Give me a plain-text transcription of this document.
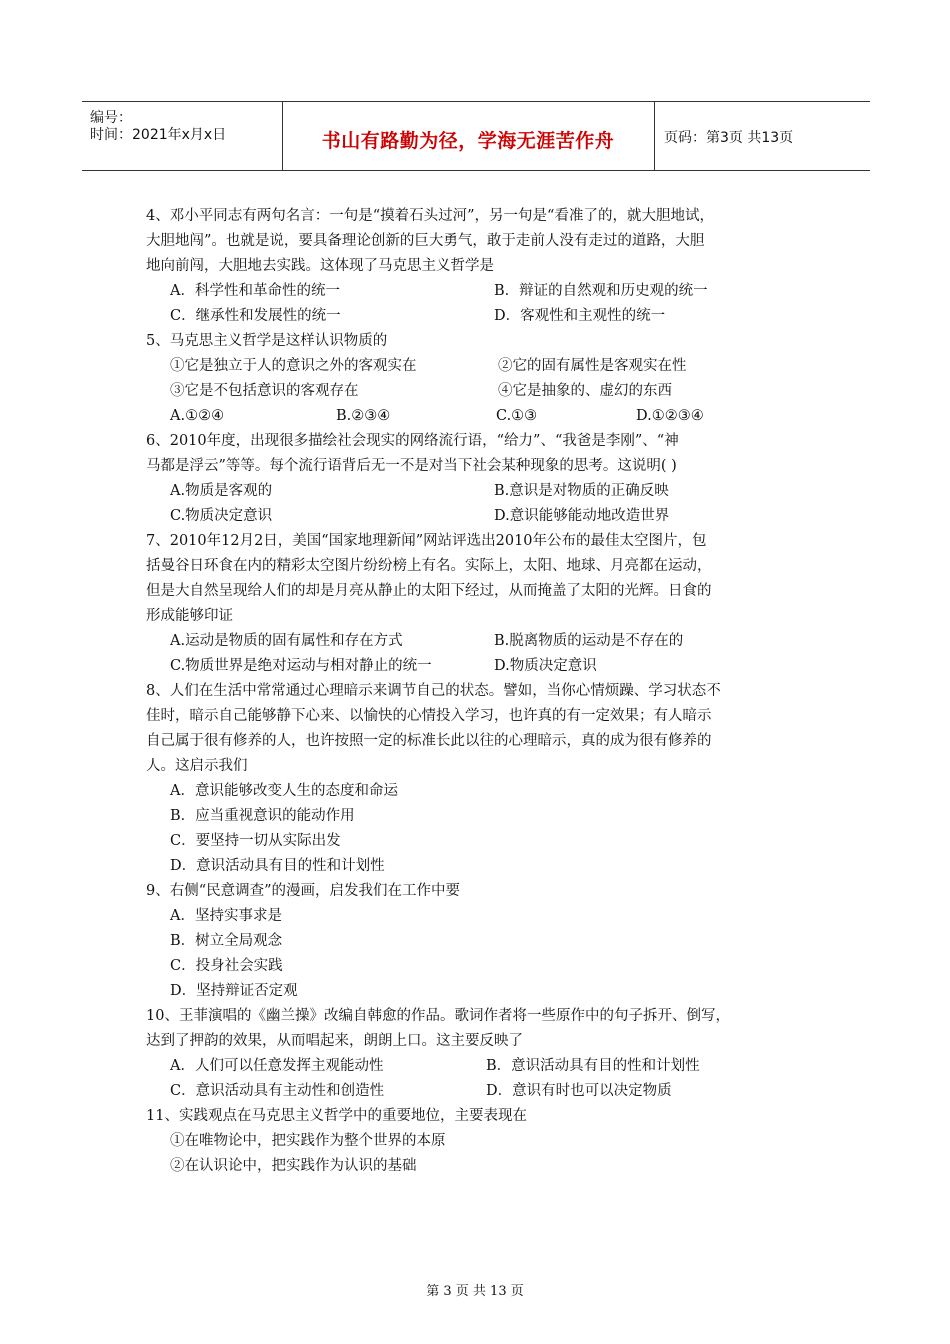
编号：
时间：2021年x月x日	书山有路勤为径，学海无涯苦作舟	页码：第3页 共13页
4、邓小平同志有两句名言：一句是“摸着石头过河”，另一句是“看准了的，就大胆地试，
大胆地闯”。也就是说，要具备理论创新的巨大勇气，敢于走前人没有走过的道路，大胆
地向前闯，大胆地去实践。这体现了马克思主义哲学是
A．科学性和革命性的统一	B．辩证的自然观和历史观的统一
C．继承性和发展性的统一	D．客观性和主观性的统一
5、马克思主义哲学是这样认识物质的
①它是独立于人的意识之外的客观实在	②它的固有属性是客观实在性
③它是不包括意识的客观存在	④它是抽象的、虚幻的东西
A.①②④	B.②③④	C.①③	D.①②③④
6、2010年度，出现很多描绘社会现实的网络流行语，“给力”、“我爸是李刚”、“神
马都是浮云”等等。每个流行语背后无一不是对当下社会某种现象的思考。这说明( )
A.物质是客观的	B.意识是对物质的正确反映
C.物质决定意识	D.意识能够能动地改造世界
7、2010年12月2日，美国“国家地理新闻”网站评选出2010年公布的最佳太空图片，包
括曼谷日环食在内的精彩太空图片纷纷榜上有名。实际上，太阳、地球、月亮都在运动，
但是大自然呈现给人们的却是月亮从静止的太阳下经过，从而掩盖了太阳的光辉。日食的
形成能够印证
A.运动是物质的固有属性和存在方式	B.脱离物质的运动是不存在的
C.物质世界是绝对运动与相对静止的统一	D.物质决定意识
8、人们在生活中常常通过心理暗示来调节自己的状态。譬如，当你心情烦躁、学习状态不
佳时，暗示自己能够静下心来、以愉快的心情投入学习，也许真的有一定效果；有人暗示
自己属于很有修养的人，也许按照一定的标准长此以往的心理暗示，真的成为很有修养的
人。这启示我们
A．意识能够改变人生的态度和命运
B．应当重视意识的能动作用
C．要坚持一切从实际出发
D．意识活动具有目的性和计划性
9、右侧“民意调查”的漫画，启发我们在工作中要
A．坚持实事求是
B．树立全局观念
C．投身社会实践
D．坚持辩证否定观
10、王菲演唱的《幽兰操》改编自韩愈的作品。歌词作者将一些原作中的句子拆开、倒写，
达到了押韵的效果，从而唱起来，朗朗上口。这主要反映了
A．人们可以任意发挥主观能动性	B．意识活动具有目的性和计划性
C．意识活动具有主动性和创造性	D．意识有时也可以决定物质
11、实践观点在马克思主义哲学中的重要地位，主要表现在
①在唯物论中，把实践作为整个世界的本原
②在认识论中，把实践作为认识的基础
第 3 页 共 13 页
